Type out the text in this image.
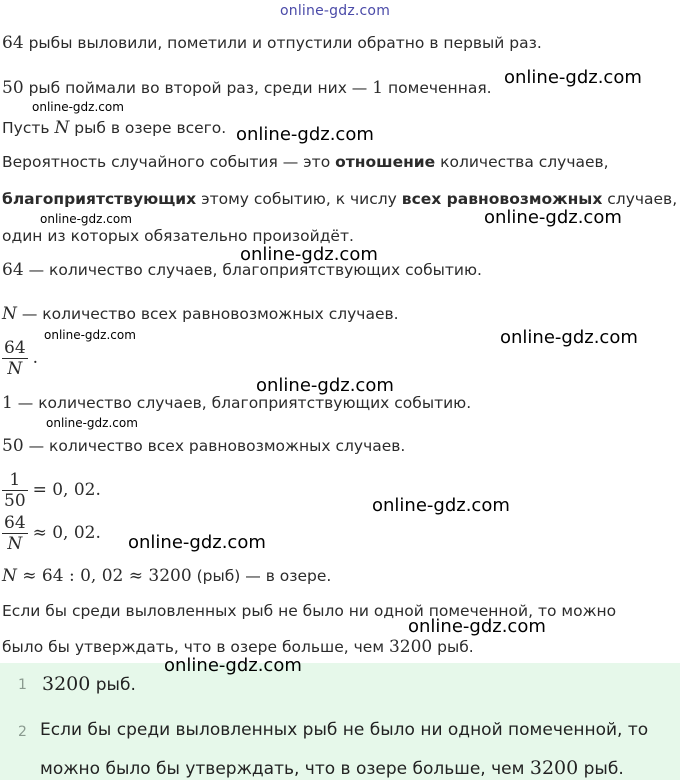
online-gdz.com
64 рыбы выловили, пометили и отпустили обратно в первый раз.
50 рыб поймали во второй раз, среди них — 1 помеченная.
Пусть N рыб в озере всего.
Вероятность случайного события — это отношение количества случаев,
благоприятствующих этому событию, к числу всех равновозможных случаев,
один из которых обязательно произойдёт.
64 — количество случаев, благоприятствующих событию.
N — количество всех равновозможных случаев.
$\frac{64}{N}$ .
1 — количество случаев, благоприятствующих событию.
50 — количество всех равновозможных случаев.
$\frac{1}{50} = 0$, 02.
$\frac{64}{N} \approx 0$, 02.
N ≈ 64 : 0, 02 ≈ 3200 (рыб) — в озере.
Если бы среди выловленных рыб не было ни одной помеченной, то можно
было бы утверждать, что в озере больше, чем 3200 рыб.
1 3200 рыб.
2 Если бы среди выловленных рыб не было ни одной помеченной, то
можно было бы утверждать, что в озере больше, чем 3200 рыб.
online-gdz.com
online-gdz.com
online-gdz.com
online-gdz.com
online-gdz.com
online-gdz.com
online-gdz.com
online-gdz.com
online-gdz.com
online-gdz.com
online-gdz.com
online-gdz.com
online-gdz.com
online-gdz.com
